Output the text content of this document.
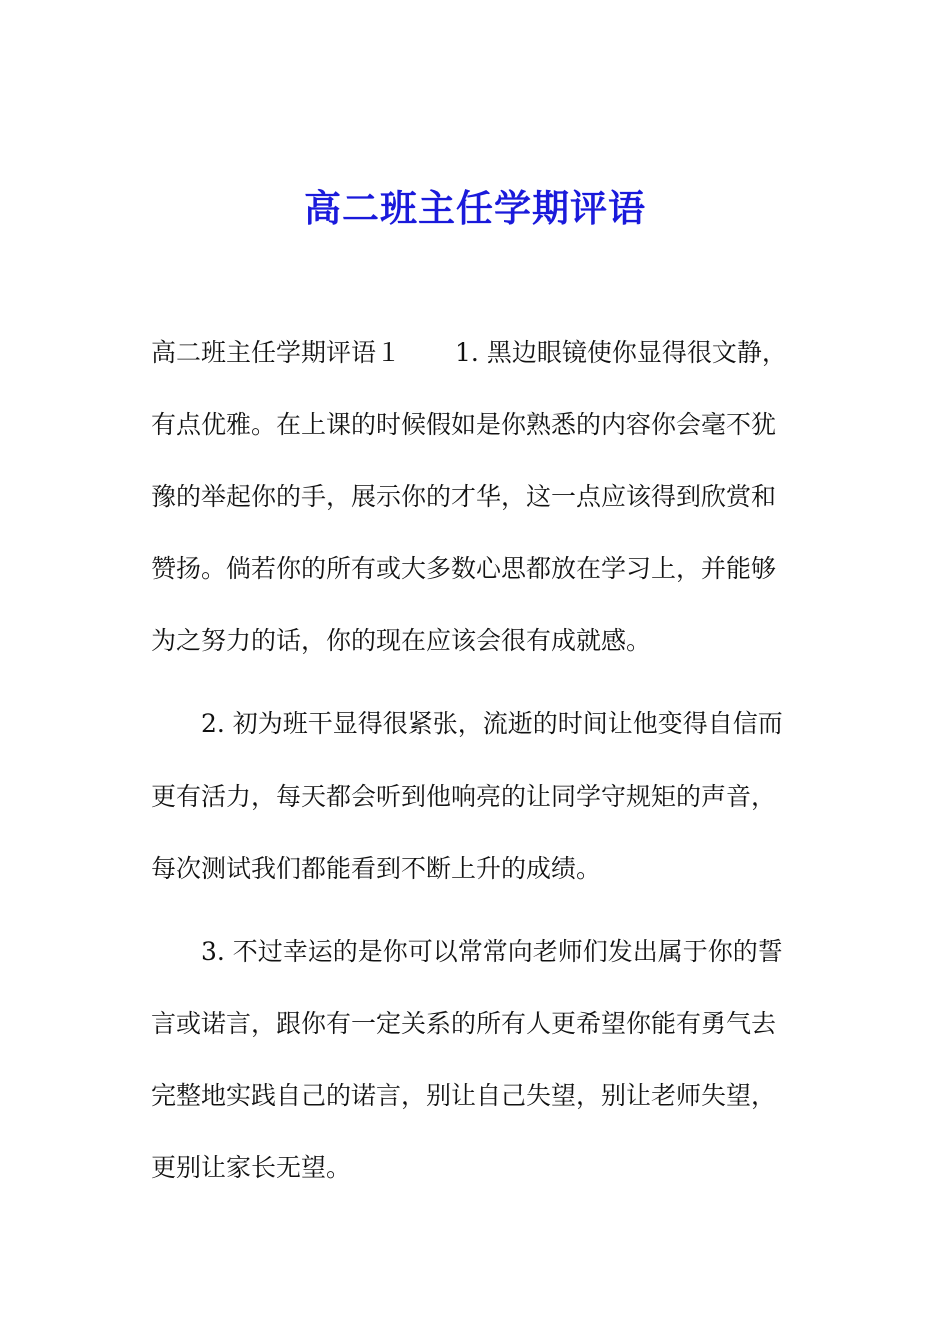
高二班主任学期评语

高二班主任学期评语１ 1. 黑边眼镜使你显得很文静，

有点优雅。在上课的时候假如是你熟悉的内容你会毫不犹

豫的举起你的手，展示你的才华，这一点应该得到欣赏和

赞扬。倘若你的所有或大多数心思都放在学习上，并能够

为之努力的话，你的现在应该会很有成就感。

2. 初为班干显得很紧张，流逝的时间让他变得自信而

更有活力，每天都会听到他响亮的让同学守规矩的声音，

每次测试我们都能看到不断上升的成绩。

3. 不过幸运的是你可以常常向老师们发出属于你的誓

言或诺言，跟你有一定关系的所有人更希望你能有勇气去

完整地实践自己的诺言，别让自己失望，别让老师失望，

更别让家长无望。
